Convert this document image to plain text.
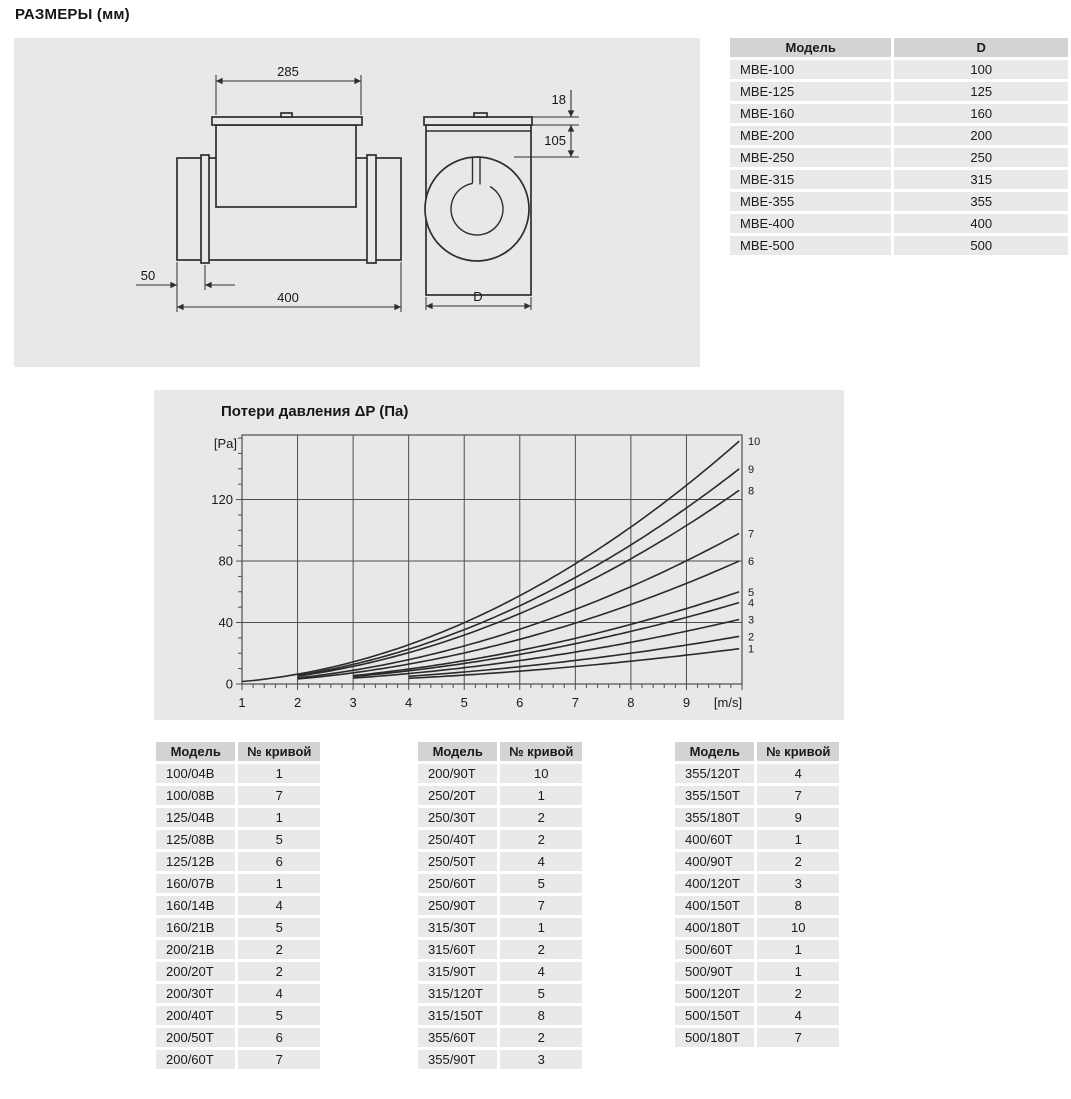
РАЗМЕРЫ (мм)
285
50
400
18
105
D
Модель	D
MBE-100	100
MBE-125	125
MBE-160	160
MBE-200	200
MBE-250	250
MBE-315	315
MBE-355	355
MBE-400	400
MBE-500	500
Потери давления ΔP (Па)
1	2	3	4	5	6	7	8	9 [m/s]
0
40
80
120
[Pa]
1
2
3
4
5
6
7
8
9
10
Модель	№ кривой
100/04B	1
100/08B	7
125/04B	1
125/08B	5
125/12B	6
160/07B	1
160/14B	4
160/21B	5
200/21B	2
200/20T	2
200/30T	4
200/40T	5
200/50T	6
200/60T	7
Модель	№ кривой
200/90T	10
250/20T	1
250/30T	2
250/40T	2
250/50T	4
250/60T	5
250/90T	7
315/30T	1
315/60T	2
315/90T	4
315/120T	5
315/150T	8
355/60T	2
355/90T	3
Модель	№ кривой
355/120T	4
355/150T	7
355/180T	9
400/60T	1
400/90T	2
400/120T	3
400/150T	8
400/180T	10
500/60T	1
500/90T	1
500/120T	2
500/150T	4
500/180T	7
